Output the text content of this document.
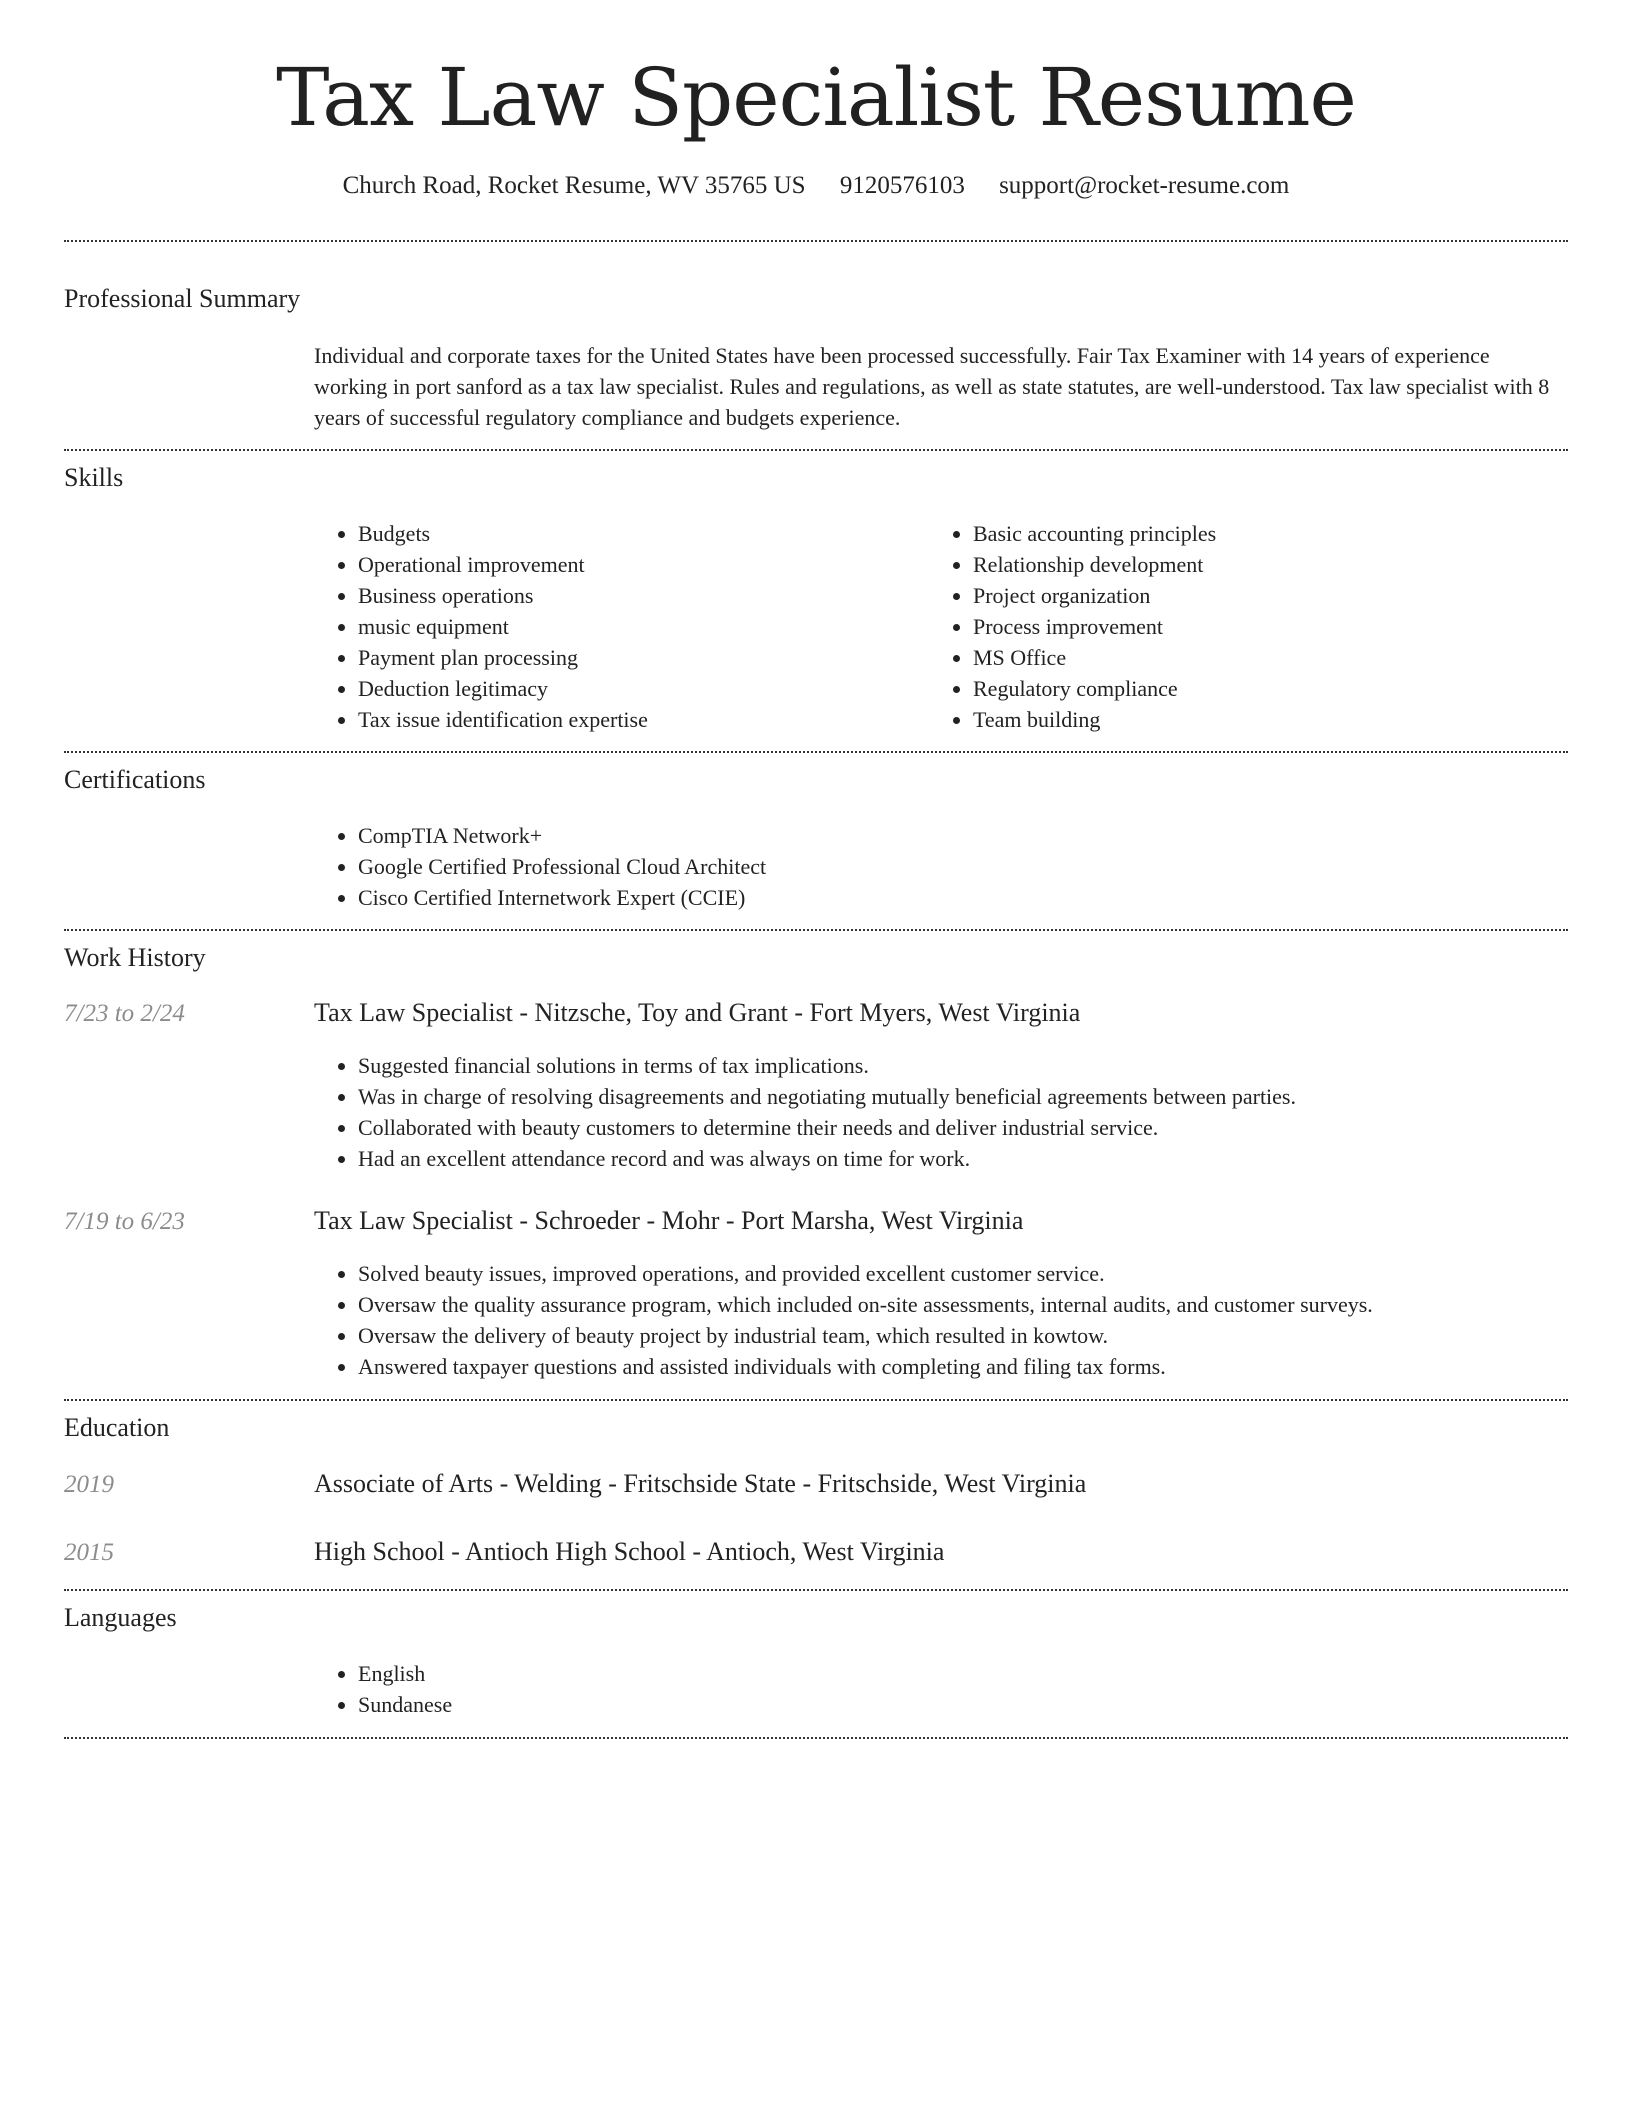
Tax Law Specialist Resume
Church Road, Rocket Resume, WV 35765 US 9120576103 support@rocket-resume.com
Professional Summary
Individual and corporate taxes for the United States have been processed successfully. Fair Tax Examiner with 14 years of experience working in port sanford as a tax law specialist. Rules and regulations, as well as state statutes, are well-understood. Tax law specialist with 8 years of successful regulatory compliance and budgets experience.
Skills
• Budgets
• Operational improvement
• Business operations
• music equipment
• Payment plan processing
• Deduction legitimacy
• Tax issue identification expertise
• Basic accounting principles
• Relationship development
• Project organization
• Process improvement
• MS Office
• Regulatory compliance
• Team building
Certifications
• CompTIA Network+
• Google Certified Professional Cloud Architect
• Cisco Certified Internetwork Expert (CCIE)
Work History
7/23 to 2/24	Tax Law Specialist - Nitzsche, Toy and Grant - Fort Myers, West Virginia
• Suggested financial solutions in terms of tax implications.
• Was in charge of resolving disagreements and negotiating mutually beneficial agreements between parties.
• Collaborated with beauty customers to determine their needs and deliver industrial service.
• Had an excellent attendance record and was always on time for work.
7/19 to 6/23	Tax Law Specialist - Schroeder - Mohr - Port Marsha, West Virginia
• Solved beauty issues, improved operations, and provided excellent customer service.
• Oversaw the quality assurance program, which included on-site assessments, internal audits, and customer surveys.
• Oversaw the delivery of beauty project by industrial team, which resulted in kowtow.
• Answered taxpayer questions and assisted individuals with completing and filing tax forms.
Education
2019	Associate of Arts - Welding - Fritschside State - Fritschside, West Virginia
2015	High School - Antioch High School - Antioch, West Virginia
Languages
• English
• Sundanese
